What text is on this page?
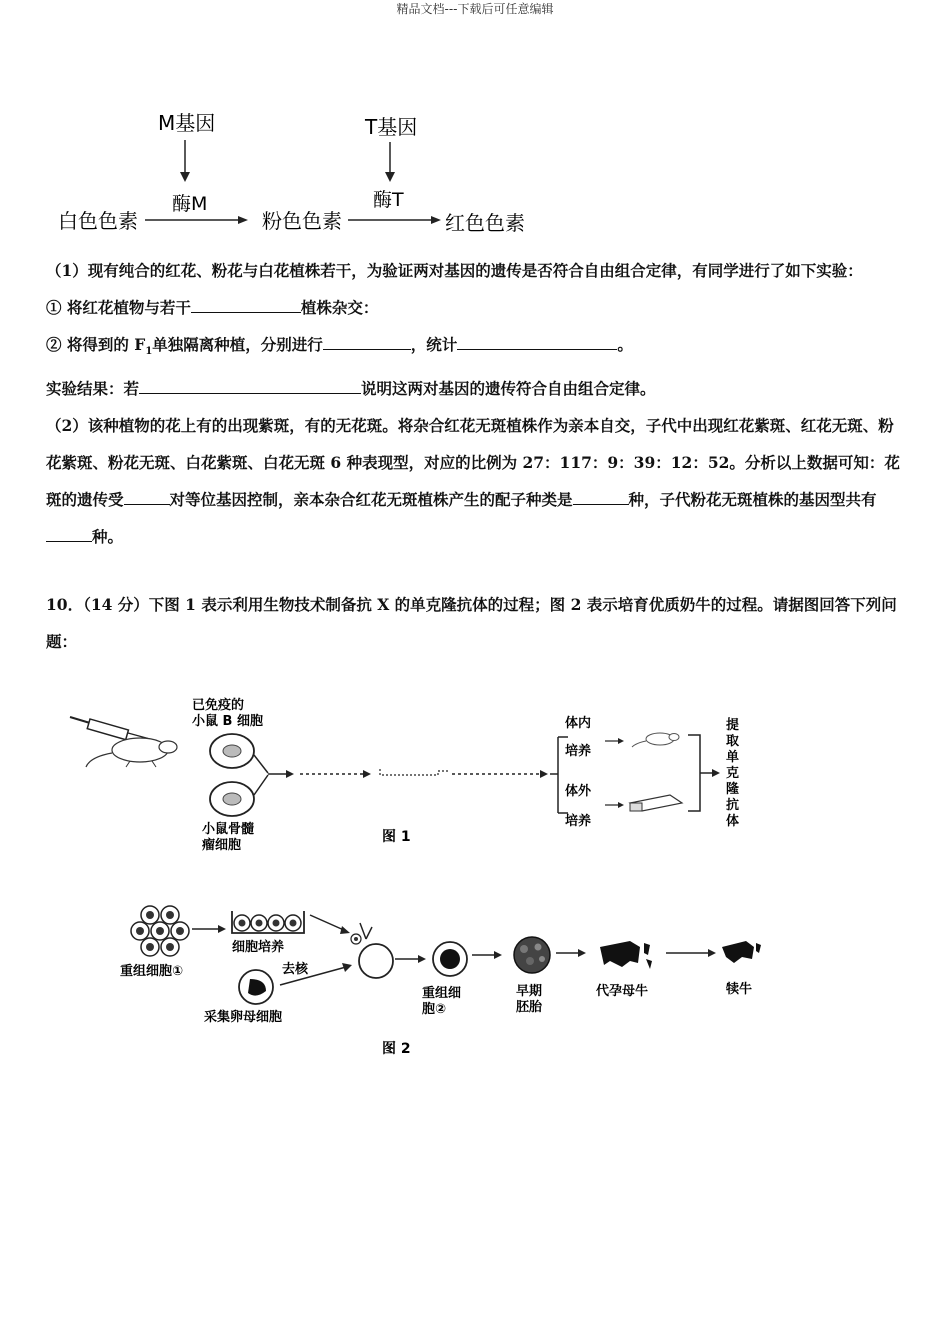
精品文档---下载后可任意编辑
M基因
酶M
T基因
酶T
白色色素	粉色色素	红色色素

（1）现有纯合的红花、粉花与白花植株若干，为验证两对基因的遗传是否符合自由组合定律，有同学进行了如下实验：

① 将红花植物与若干	植株杂交：

② 将得到的 $F_1$单独隔离种植，分别进行	，统计	。

实验结果：若	说明这两对基因的遗传符合自由组合定律。

（2）该种植物的花上有的出现紫斑，有的无花斑。将杂合红花无斑植株作为亲本自交，子代中出现红花紫斑、红花无斑、粉花紫斑、粉花无斑、白花紫斑、白花无斑 6 种表现型，对应的比例为 27：117：9：39：12：52。分析以上数据可知：花斑的遗传受	对等位基因控制，亲本杂合红花无斑植株产生的配子种类是	种，子代粉花无斑植株的基因型共有种。

10．（14 分）下图 1 表示利用生物技术制备抗 X 的单克隆抗体的过程；图 2 表示培育优质奶牛的过程。请据图回答下列问题：

已免疫的
小鼠 B 细胞
小鼠骨髓
瘤细胞
体内
培养
体外
培养
提
取
单
克
隆
抗
体
图 1
重组细胞①
细胞培养
去核
采集卵母细胞
重组细
胞②
早期
胚胎
代孕母牛	犊牛
图 2
